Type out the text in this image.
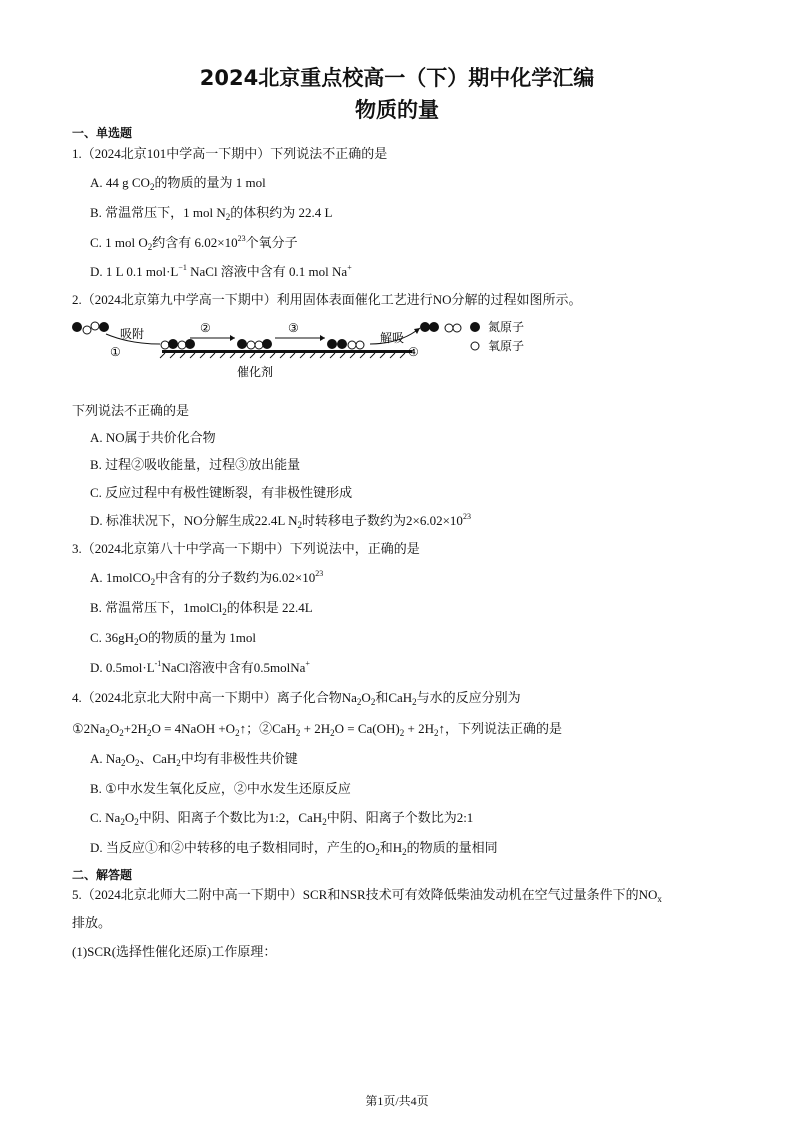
2024北京重点校高一（下）期中化学汇编
物质的量
一、单选题
1.（2024北京101中学高一下期中）下列说法不正确的是
A. 44 g $CO_2$的物质的量为 1 mol
B. 常温常压下，1 mol $N_2$的体积约为 22.4 L
C. 1 mol $O_2$约含有 $6.02\times 10^{23}$个氧分子
D. 1 L 0.1 $mol\cdot L^{-1}$ NaCl 溶液中含有 0.1 mol Na+
2.（2024北京第九中学高一下期中）利用固体表面催化工艺进行NO分解的过程如图所示。
吸附
①
②	③
解吸
④
氮原子
氧原子
催化剂
下列说法不正确的是
A. NO属于共价化合物
B. 过程②吸收能量，过程③放出能量
C. 反应过程中有极性键断裂，有非极性键形成
D. 标准状况下，NO分解生成22.4L $N_2$时转移电子数约为$2\times 6.02\times 10^{23}$
3.（2024北京第八十中学高一下期中）下列说法中，正确的是
A. 1molCO$_2$中含有的分子数约为$6.02\times 10^{23}$
B. 常温常压下，1molCl$_2$的体积是 22.4L
C. $36gH_2O$的物质的量为 1mol
D. $0.5mol\cdot L^{-1}NaCl$溶液中含有0.5molNa+
4.（2024北京北大附中高一下期中）离子化合物$Na_2O_2$和CaH$_2$与水的反应分别为
$①2Na_2O_2+2H_2O$ = 4NaOH $+O_2↑$；②CaH$_2$ + $2H_2O = Ca(OH)_2$ + $2H_2↑$，下列说法正确的是
A. $Na_2O_2$、CaH$_2$中均有非极性共价键
B. ①中水发生氧化反应，②中水发生还原反应
C. $Na_2O_2$中阴、阳离子个数比为1:2，CaH$_2$中阴、阳离子个数比为2:1
D. 当反应①和②中转移的电子数相同时，产生的$O_2$和$H_2$的物质的量相同
二、解答题
5.（2024北京北师大二附中高一下期中）SCR和NSR技术可有效降低柴油发动机在空气过量条件下的$NO_x$
排放。
(1)SCR(选择性催化还原)工作原理：
第1页/共4页
